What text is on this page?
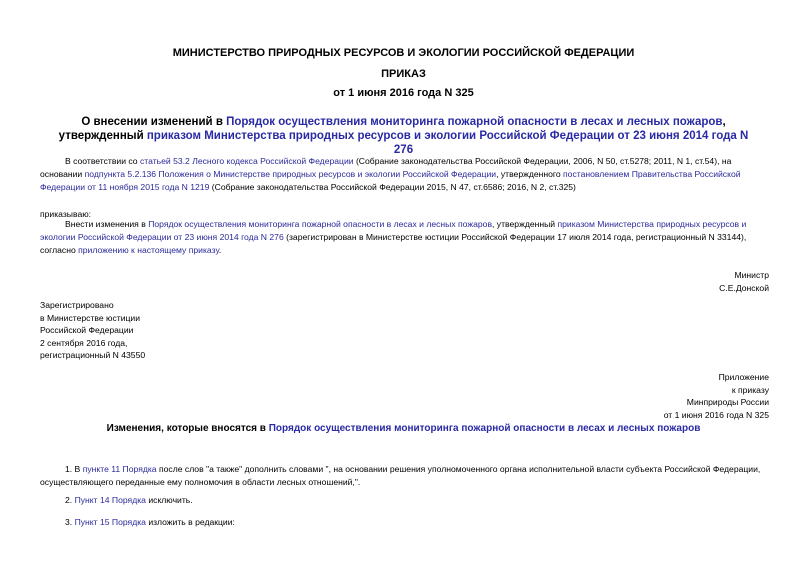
МИНИСТЕРСТВО ПРИРОДНЫХ РЕСУРСОВ И ЭКОЛОГИИ РОССИЙСКОЙ ФЕДЕРАЦИИ
ПРИКАЗ
от 1 июня 2016 года N 325
О внесении изменений в Порядок осуществления мониторинга пожарной опасности в лесах и лесных пожаров, утвержденный приказом Министерства природных ресурсов и экологии Российской Федерации от 23 июня 2014 года N 276
В соответствии со статьей 53.2 Лесного кодекса Российской Федерации (Собрание законодательства Российской Федерации, 2006, N 50, ст.5278; 2011, N 1, ст.54), на основании подпункта 5.2.136 Положения о Министерстве природных ресурсов и экологии Российской Федерации, утвержденного постановлением Правительства Российской Федерации от 11 ноября 2015 года N 1219 (Собрание законодательства Российской Федерации 2015, N 47, ст.6586; 2016, N 2, ст.325)
приказываю:
Внести изменения в Порядок осуществления мониторинга пожарной опасности в лесах и лесных пожаров, утвержденный приказом Министерства природных ресурсов и экологии Российской Федерации от 23 июня 2014 года N 276 (зарегистрирован в Министерстве юстиции Российской Федерации 17 июля 2014 года, регистрационный N 33144), согласно приложению к настоящему приказу.
Министр
С.Е.Донской
Зарегистрировано
в Министерстве юстиции
Российской Федерации
2 сентября 2016 года,
регистрационный N 43550
Приложение
к приказу
Минприроды России
от 1 июня 2016 года N 325
Изменения, которые вносятся в Порядок осуществления мониторинга пожарной опасности в лесах и лесных пожаров
1. В пункте 11 Порядка после слов "а также" дополнить словами ", на основании решения уполномоченного органа исполнительной власти субъекта Российской Федерации, осуществляющего переданные ему полномочия в области лесных отношений,".
2. Пункт 14 Порядка исключить.
3. Пункт 15 Порядка изложить в редакции:
